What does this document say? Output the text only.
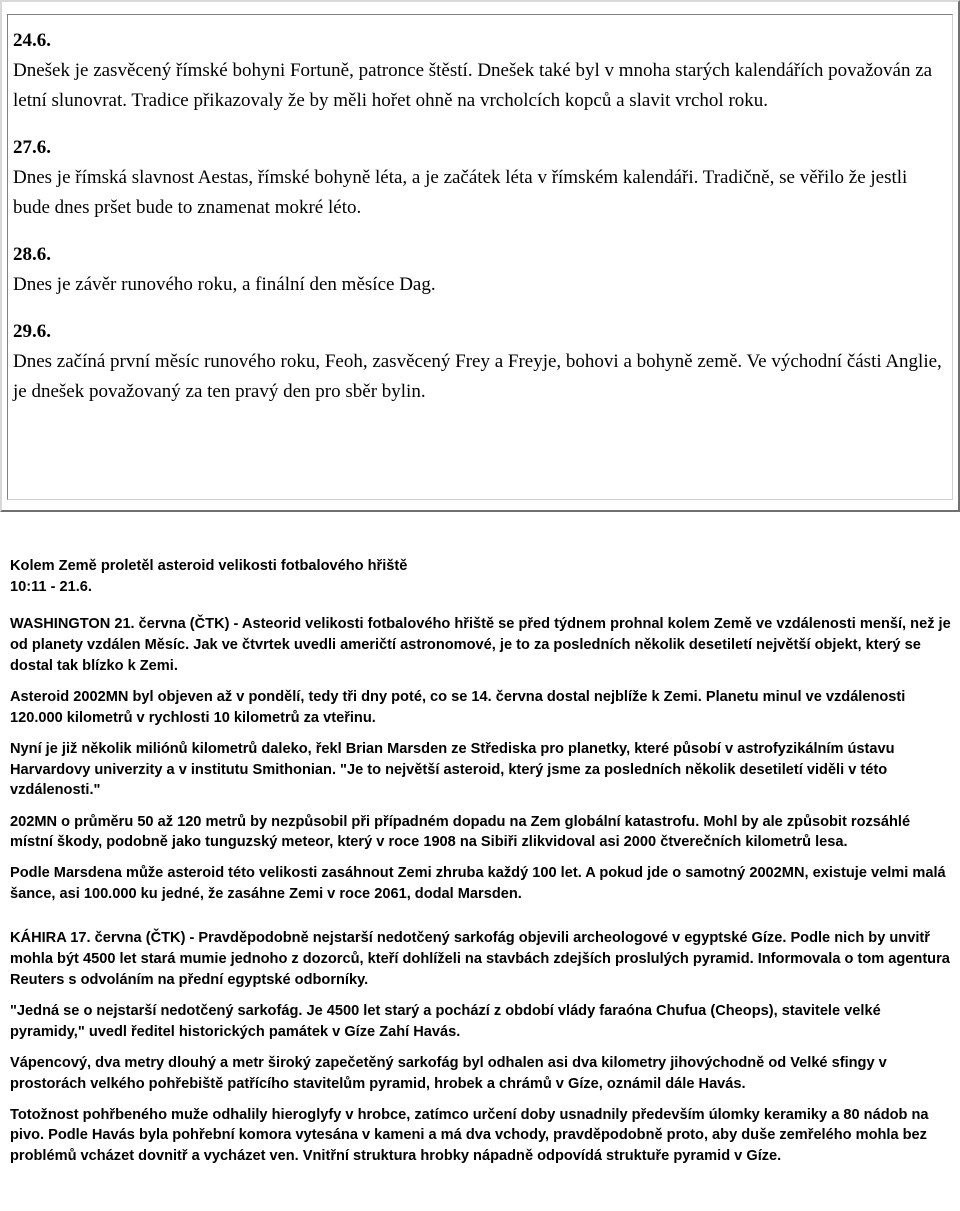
24.6.
Dnešek je zasvěcený římské bohyni Fortuně, patronce štěstí. Dnešek také byl v mnoha starých kalendářích považován za letní slunovrat. Tradice přikazovaly že by měli hořet ohně na vrcholcích kopců a slavit vrchol roku.
27.6.
Dnes je římská slavnost Aestas, římské bohyně léta, a je začátek léta v římském kalendáři. Tradičně, se věřilo že jestli bude dnes pršet bude to znamenat mokré léto.
28.6.
Dnes je závěr runového roku, a finální den měsíce Dag.
29.6.
Dnes začíná první měsíc runového roku, Feoh, zasvěcený Frey a Freyje, bohovi a bohyně země. Ve východní části Anglie, je dnešek považovaný za ten pravý den pro sběr bylin.
Kolem Země proletěl asteroid velikosti fotbalového hřiště
10:11 - 21.6.

WASHINGTON 21. června (ČTK) - Asteorid velikosti fotbalového hřiště se před týdnem prohnal kolem Země ve vzdálenosti menší, než je od planety vzdálen Měsíc. Jak ve čtvrtek uvedli američtí astronomové, je to za posledních několik desetiletí největší objekt, který se dostal tak blízko k Zemi.

Asteroid 2002MN byl objeven až v pondělí, tedy tři dny poté, co se 14. června dostal nejblíže k Zemi. Planetu minul ve vzdálenosti 120.000 kilometrů v rychlosti 10 kilometrů za vteřinu.

Nyní je již několik miliónů kilometrů daleko, řekl Brian Marsden ze Střediska pro planetky, které působí v astrofyzikálním ústavu Harvardovy univerzity a v institutu Smithonian. "Je to největší asteroid, který jsme za posledních několik desetiletí viděli v této vzdálenosti."

202MN o průměru 50 až 120 metrů by nezpůsobil při případném dopadu na Zem globální katastrofu. Mohl by ale způsobit rozsáhlé místní škody, podobně jako tunguzský meteor, který v roce 1908 na Sibiři zlikvidoval asi 2000 čtverečních kilometrů lesa.

Podle Marsdena může asteroid této velikosti zasáhnout Zemi zhruba každý 100 let. A pokud jde o samotný 2002MN, existuje velmi malá šance, asi 100.000 ku jedné, že zasáhne Zemi v roce 2061, dodal Marsden.

KÁHIRA 17. června (ČTK) - Pravděpodobně nejstarší nedotčený sarkofág objevili archeologové v egyptské Gíze. Podle nich by unvitř mohla být 4500 let stará mumie jednoho z dozorců, kteří dohlíželi na stavbách zdejších proslulých pyramid. Informovala o tom agentura Reuters s odvoláním na přední egyptské odborníky.

"Jedná se o nejstarší nedotčený sarkofág. Je 4500 let starý a pochází z období vlády faraóna Chufua (Cheops), stavitele velké pyramidy," uvedl ředitel historických památek v Gíze Zahí Havás.

Vápencový, dva metry dlouhý a metr široký zapečetěný sarkofág byl odhalen asi dva kilometry jihovýchodně od Velké sfingy v prostorách velkého pohřebiště patřícího stavitelům pyramid, hrobek a chrámů v Gíze, oznámil dále Havás.

Totožnost pohřbeného muže odhalily hieroglyfy v hrobce, zatímco určení doby usnadnily především úlomky keramiky a 80 nádob na pivo. Podle Havás byla pohřební komora vytesána v kameni a má dva vchody, pravděpodobně proto, aby duše zemřelého mohla bez problémů vcházet dovnitř a vycházet ven. Vnitřní struktura hrobky nápadně odpovídá struktuře pyramid v Gíze.
